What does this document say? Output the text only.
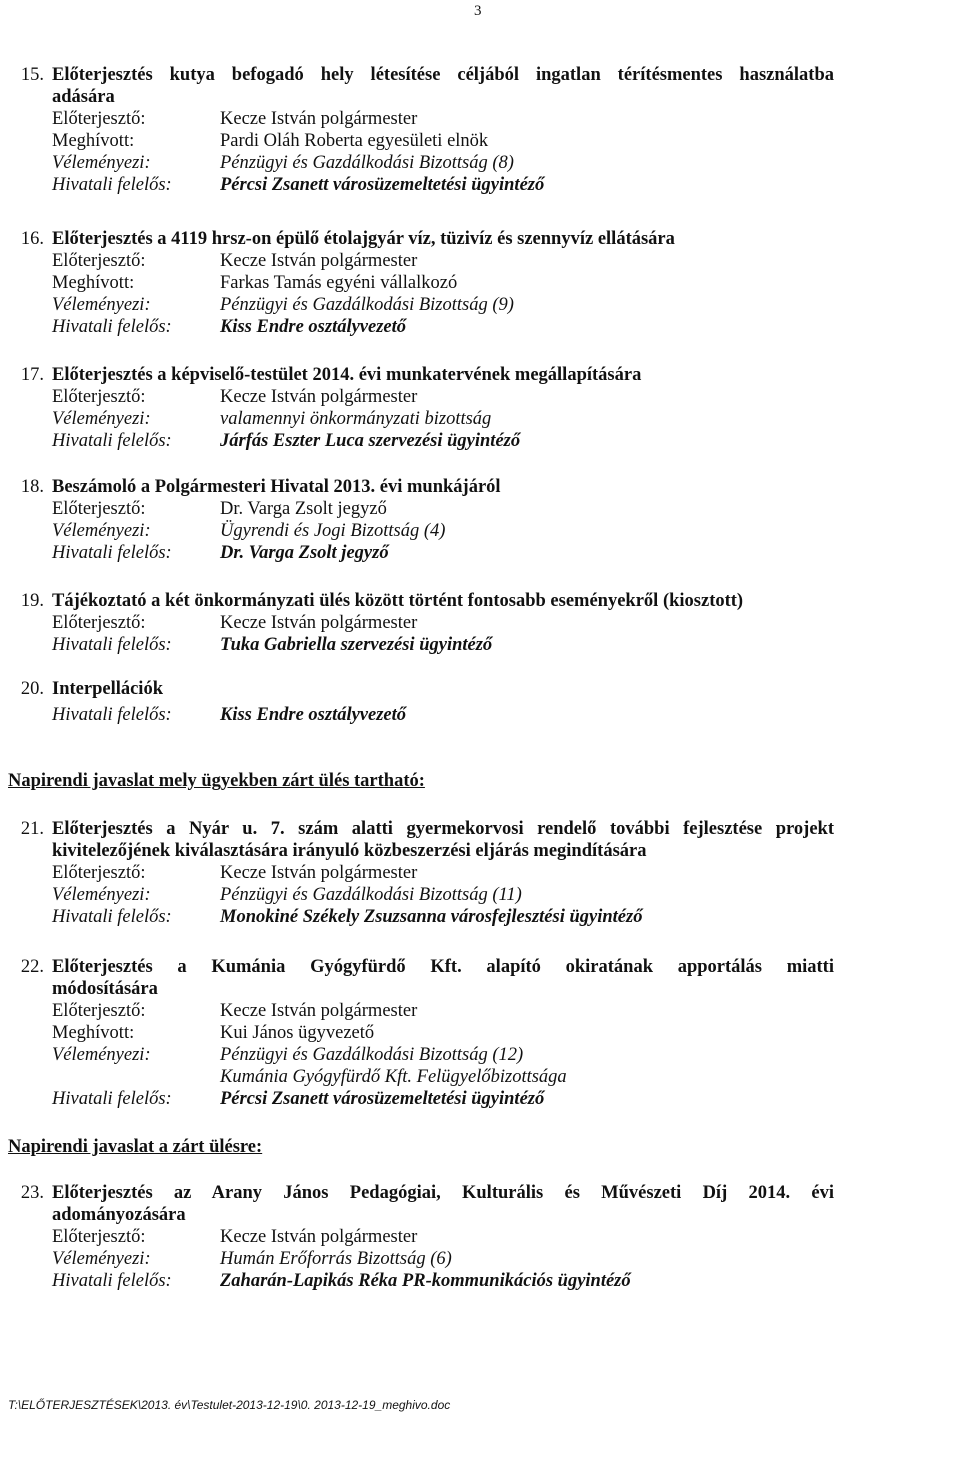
3
15. Előterjesztés kutya befogadó hely létesítése céljából ingatlan térítésmentes használatba
adására
Előterjesztő:	Kecze István polgármester
Meghívott:	Pardi Oláh Roberta egyesületi elnök
Véleményezi:	Pénzügyi és Gazdálkodási Bizottság (8)
Hivatali felelős:	Pércsi Zsanett városüzemeltetési ügyintéző
16. Előterjesztés a 4119 hrsz-on épülő étolajgyár víz, tüzivíz és szennyvíz ellátására
Előterjesztő:	Kecze István polgármester
Meghívott:	Farkas Tamás egyéni vállalkozó
Véleményezi:	Pénzügyi és Gazdálkodási Bizottság (9)
Hivatali felelős:	Kiss Endre osztályvezető
17. Előterjesztés a képviselő-testület 2014. évi munkatervének megállapítására
Előterjesztő:	Kecze István polgármester
Véleményezi:	valamennyi önkormányzati bizottság
Hivatali felelős:	Járfás Eszter Luca szervezési ügyintéző
18. Beszámoló a Polgármesteri Hivatal 2013. évi munkájáról
Előterjesztő:	Dr. Varga Zsolt jegyző
Véleményezi:	Ügyrendi és Jogi Bizottság (4)
Hivatali felelős:	Dr. Varga Zsolt jegyző
19. Tájékoztató a két önkormányzati ülés között történt fontosabb eseményekről (kiosztott)
Előterjesztő:	Kecze István polgármester
Hivatali felelős:	Tuka Gabriella szervezési ügyintéző
20. Interpellációk
Hivatali felelős:	Kiss Endre osztályvezető
Napirendi javaslat mely ügyekben zárt ülés tartható:
21. Előterjesztés a Nyár u. 7. szám alatti gyermekorvosi rendelő további fejlesztése projekt
kivitelezőjének kiválasztására irányuló közbeszerzési eljárás megindítására
Előterjesztő:	Kecze István polgármester
Véleményezi:	Pénzügyi és Gazdálkodási Bizottság (11)
Hivatali felelős:	Monokiné Székely Zsuzsanna városfejlesztési ügyintéző
22. Előterjesztés a Kumánia Gyógyfürdő Kft. alapító okiratának apportálás miatti
módosítására
Előterjesztő:	Kecze István polgármester
Meghívott:	Kui János ügyvezető
Véleményezi:	Pénzügyi és Gazdálkodási Bizottság (12)
Kumánia Gyógyfürdő Kft. Felügyelőbizottsága
Hivatali felelős:	Pércsi Zsanett városüzemeltetési ügyintéző
Napirendi javaslat a zárt ülésre:
23. Előterjesztés az Arany János Pedagógiai, Kulturális és Művészeti Díj 2014. évi
adományozására
Előterjesztő:	Kecze István polgármester
Véleményezi:	Humán Erőforrás Bizottság (6)
Hivatali felelős:	Zaharán-Lapikás Réka PR-kommunikációs ügyintéző
T:\ELŐTERJESZTÉSEK\2013. év\Testulet-2013-12-19\0. 2013-12-19_meghivo.doc
